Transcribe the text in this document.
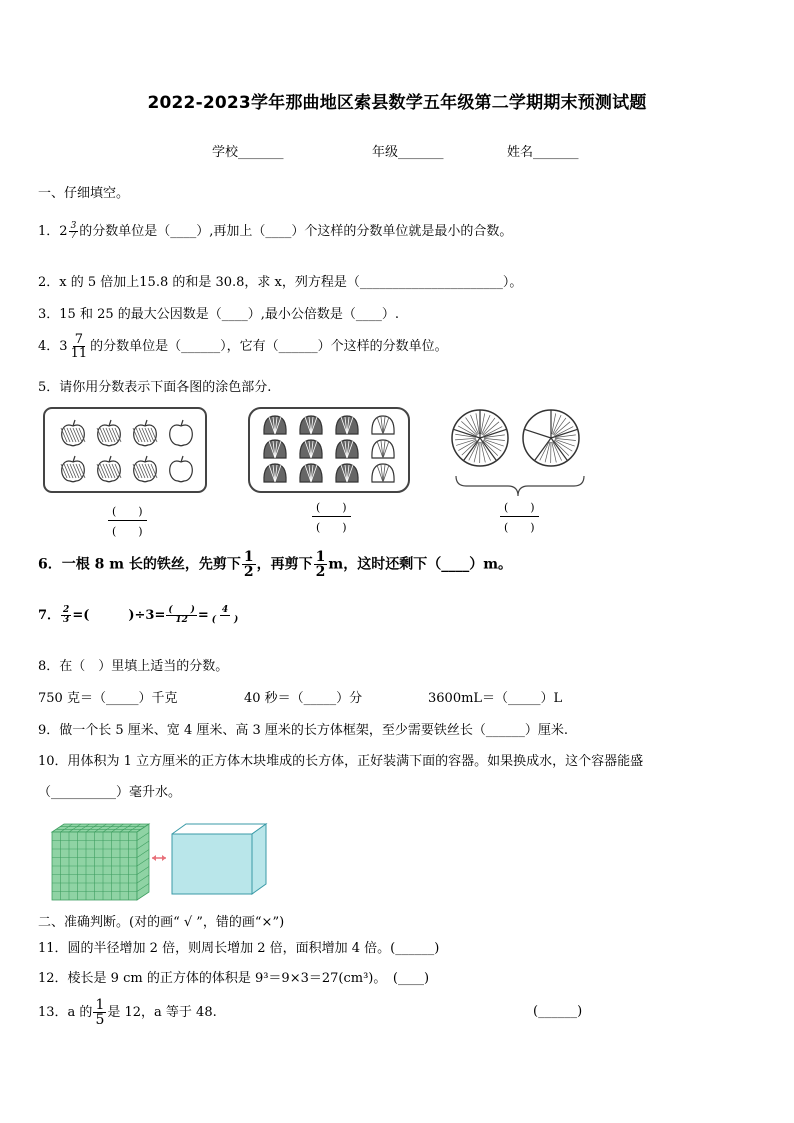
2022-2023学年那曲地区索县数学五年级第二学期期末预测试题
学校_______	年级_______	姓名_______
一、仔细填空。
1．$2 \frac{3}{7}$ 的分数单位是（____）,再加上（____）个这样的分数单位就是最小的合数。
2．x 的 5 倍加上15.8 的和是 30.8，求 x，列方程是（______________________）。
3．15 和 25 的最大公因数是（____）,最小公倍数是（____）.
4．$3 \frac{7}{11}$ 的分数单位是（______），它有（______）个这样的分数单位。
5．请你用分数表示下面各图的涂色部分.
(　　)
(　　)
(　　)
(　　)
(　　)
(　　)
6．一根 8 m 长的铁丝，先剪下 $\frac{1}{2}$ ，再剪下 $\frac{1}{2}$ m，这时还剩下（____）m。
7． $\frac{2}{3}$ =(　　　)$\div 3= \frac{( )}{12} = \frac{4}{( )}$
8．在（　）里填上适当的分数。
750 克＝（_____）千克	40 秒＝（_____）分	3600mL＝（_____）L
9．做一个长 5 厘米、宽 4 厘米、高 3 厘米的长方体框架，至少需要铁丝长（______）厘米.
10．用体积为 1 立方厘米的正方体木块堆成的长方体，正好装满下面的容器。如果换成水，这个容器能盛
（__________）毫升水。
二、准确判断。(对的画“ √ ”，错的画“×”)
11．圆的半径增加 2 倍，则周长增加 2 倍，面积增加 4 倍。(______)
12．棱长是 9 cm 的正方体的体积是 9³＝9×3＝27(cm³)。　(____)
13．a 的 $\frac{1}{5}$ 是 12，a 等于 48.	(______)
